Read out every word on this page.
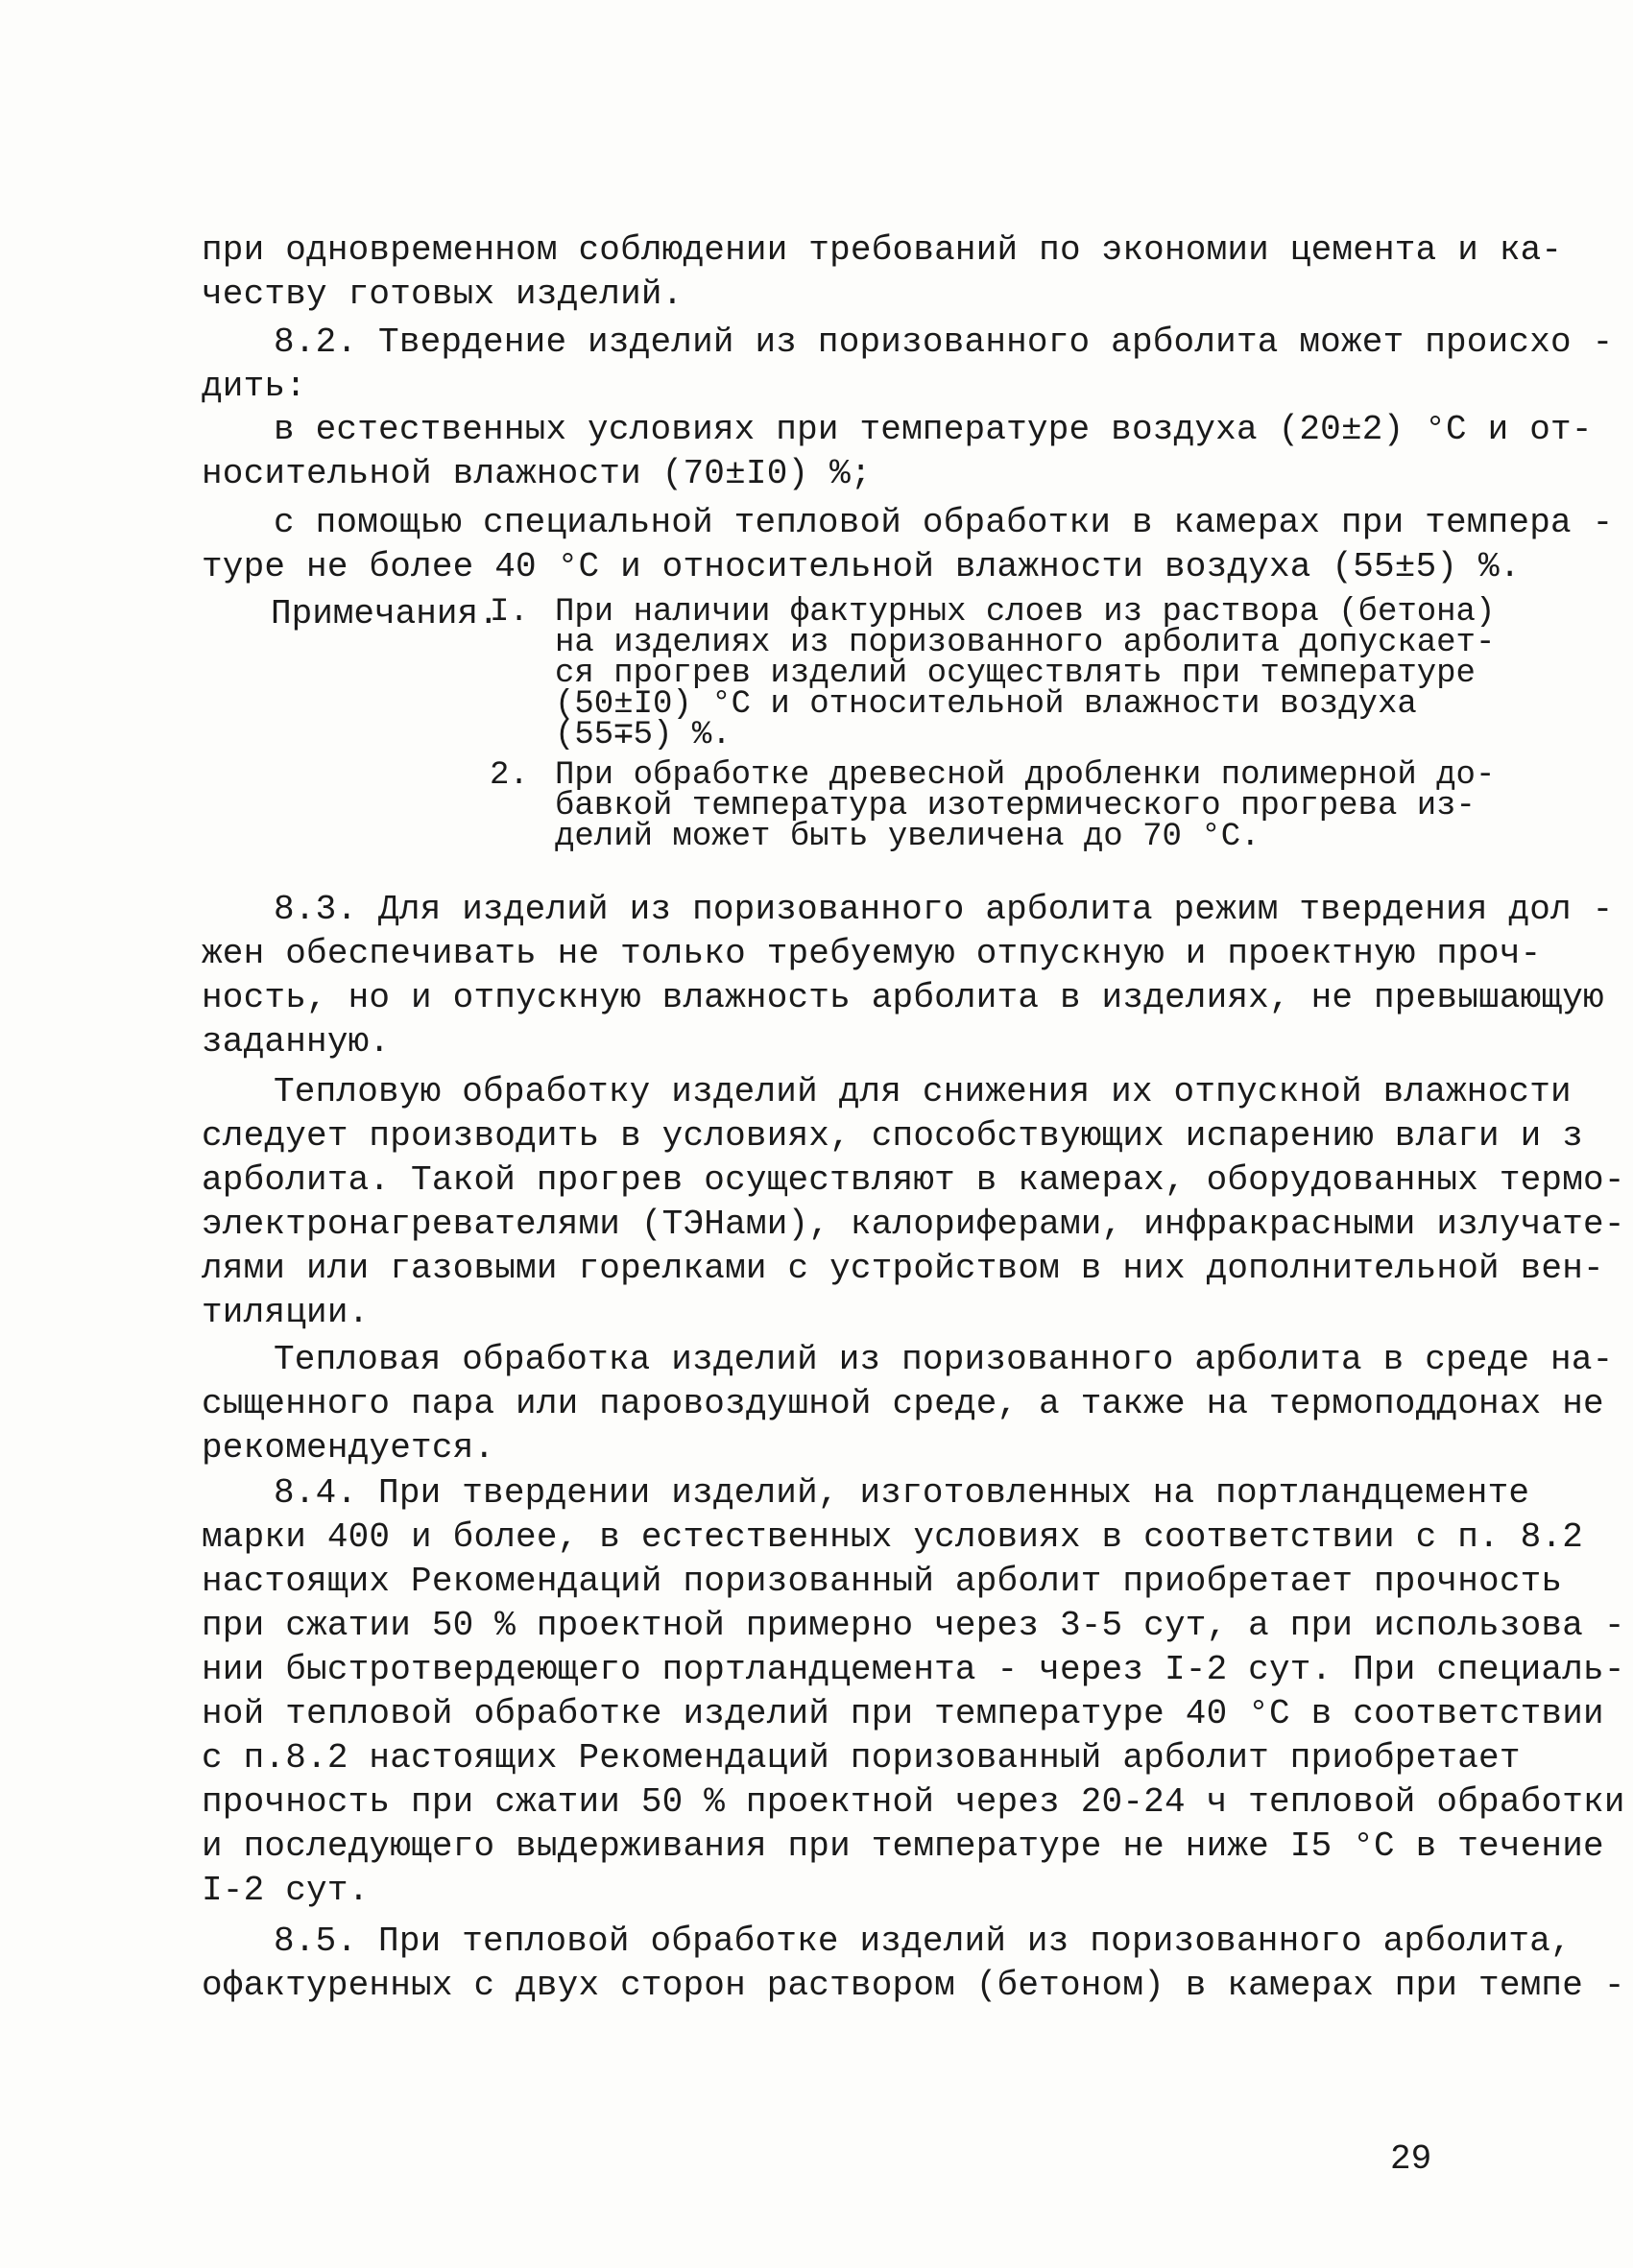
при одновременном соблюдении требований по экономии цемента и ка-
честву готовых изделий.
8.2. Твердение изделий из поризованного арболита может происхо -
дить:
в естественных условиях при температуре воздуха (20±2) °С и от-
носительной влажности (70±I0) %;
с помощью специальной тепловой обработки в камерах при темпера -
туре не более 40 °С и относительной влажности воздуха (55±5) %.
Примечания.
I. При наличии фактурных слоев из раствора (бетона)
на изделиях из поризованного арболита допускает-
ся прогрев изделий осуществлять при температуре
(50±I0) °С и относительной влажности воздуха
(55∓5) %.
2. При обработке древесной дробленки полимерной до-
бавкой температура изотермического прогрева из-
делий может быть увеличена до 70 °С.
8.3. Для изделий из поризованного арболита режим твердения дол -
жен обеспечивать не только требуемую отпускную и проектную проч-
ность, но и отпускную влажность арболита в изделиях, не превышающую
заданную.
Тепловую обработку изделий для снижения их отпускной влажности
следует производить в условиях, способствующих испарению влаги и з
арболита. Такой прогрев осуществляют в камерах, оборудованных термо-
электронагревателями (ТЭНами), калориферами, инфракрасными излучате-
лями или газовыми горелками с устройством в них дополнительной вен-
тиляции.
Тепловая обработка изделий из поризованного арболита в среде на-
сыщенного пара или паровоздушной среде, а также на термоподдонах не
рекомендуется.
8.4. При твердении изделий, изготовленных на портландцементе
марки 400 и более, в естественных условиях в соответствии с п. 8.2
настоящих Рекомендаций поризованный арболит приобретает прочность
при сжатии 50 % проектной примерно через 3-5 сут, а при использова -
нии быстротвердеющего портландцемента - через I-2 сут. При специаль-
ной тепловой обработке изделий при температуре 40 °С в соответствии
с п.8.2 настоящих Рекомендаций поризованный арболит приобретает
прочность при сжатии 50 % проектной через 20-24 ч тепловой обработки
и последующего выдерживания при температуре не ниже I5 °С в течение
I-2 сут.
8.5. При тепловой обработке изделий из поризованного арболита,
офактуренных с двух сторон раствором (бетоном) в камерах при темпе -
29
